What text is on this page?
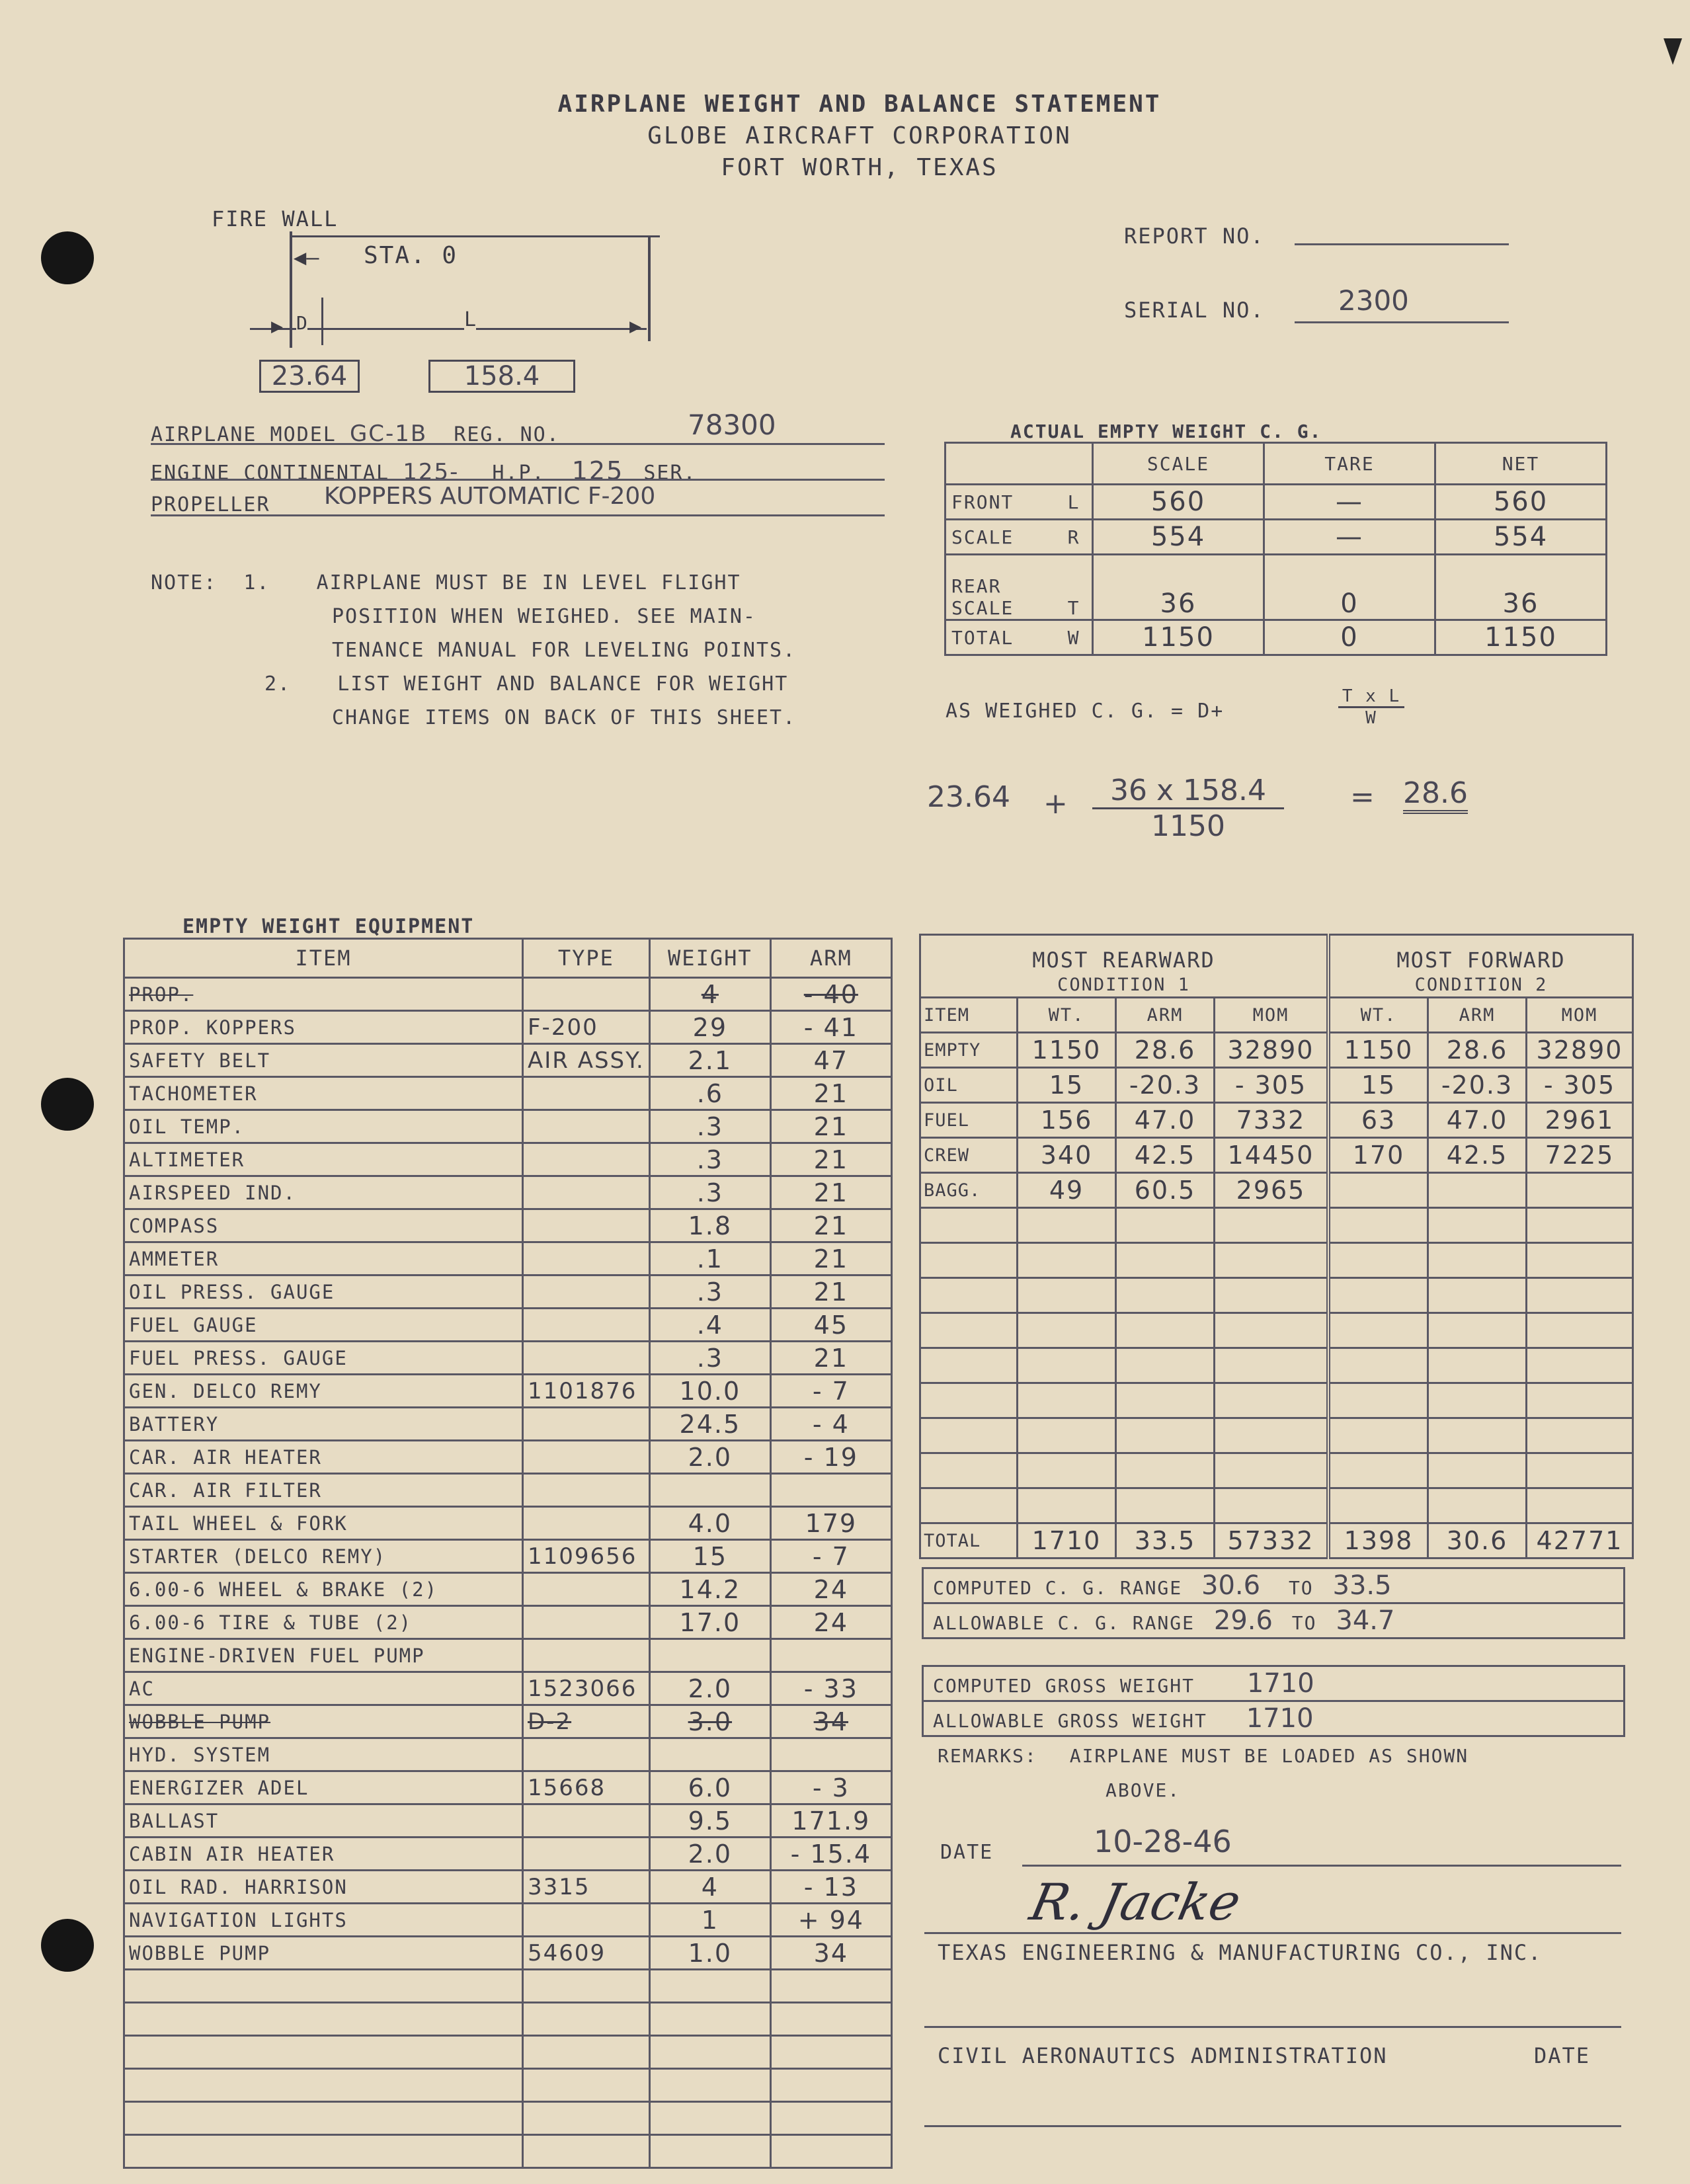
AIRPLANE WEIGHT AND BALANCE STATEMENT
GLOBE AIRCRAFT CORPORATION
FORT WORTH, TEXAS
FIRE WALL
◀— STA. 0
D	L
▶	▶
23.64	158.4
REPORT NO.
SERIAL NO.	2300
AIRPLANE MODEL GC-1B REG. NO.	78300
ENGINE CONTINENTAL 125- H.P. 125 SER.
PROPELLER KOPPERS AUTOMATIC F-200
NOTE: 1. AIRPLANE MUST BE IN LEVEL FLIGHT
POSITION WHEN WEIGHED. SEE MAIN-
TENANCE MANUAL FOR LEVELING POINTS.
2. LIST WEIGHT AND BALANCE FOR WEIGHT
CHANGE ITEMS ON BACK OF THIS SHEET.
ACTUAL EMPTY WEIGHT C. G.
		SCALE	TARE	NET
FRONT	L	560	—	560
SCALE	R	554	—	554

REAR
SCALE	T	36	0	36
TOTAL	W	1150	0	1150
AS WEIGHED C. G. = D+	$\frac{\text{T x L}}{W}$
$23.64 + \frac{36 x 158.4}{1150} = 28.6$
EMPTY WEIGHT EQUIPMENT
ITEM	TYPE	WEIGHT	ARM
PROP.		4	- 40
PROP. KOPPERS	F-200	29	- 41
SAFETY BELT	AIR ASSY.	2.1	47
TACHOMETER		.6	21
OIL TEMP.		.3	21
ALTIMETER		.3	21
AIRSPEED IND.		.3	21
COMPASS		1.8	21
AMMETER		.1	21
OIL PRESS. GAUGE		.3	21
FUEL GAUGE		.4	45
FUEL PRESS. GAUGE		.3	21
GEN. DELCO REMY	1101876	10.0	- 7
BATTERY		24.5	- 4
CAR. AIR HEATER		2.0	- 19
CAR. AIR FILTER			
TAIL WHEEL & FORK		4.0	179
STARTER (DELCO REMY)	1109656	15	- 7
6.00-6 WHEEL & BRAKE (2)		14.2	24
6.00-6 TIRE & TUBE (2)		17.0	24
ENGINE-DRIVEN FUEL PUMP			
AC	1523066	2.0	- 33
WOBBLE PUMP	D-2	3.0	34
HYD. SYSTEM			
ENERGIZER ADEL	15668	6.0	- 3
BALLAST		9.5	171.9
CABIN AIR HEATER		2.0	- 15.4
OIL RAD. HARRISON	3315	4	- 13
NAVIGATION LIGHTS		1	+ 94
WOBBLE PUMP	54609	1.0	34

MOST REARWARD				MOST FORWARD		
CONDITION 1				CONDITION 2		
ITEM	WT.	ARM	MOM	WT.	ARM	MOM
EMPTY	1150	28.6	32890	1150	28.6	32890
OIL	15	-20.3	- 305	15	-20.3	- 305
FUEL	156	47.0	7332	63	47.0	2961
CREW	340	42.5	14450	170	42.5	7225
BAGG.	49	60.5	2965			

TOTAL	1710	33.5	57332	1398	30.6	42771
COMPUTED C. G. RANGE 30.6 TO 33.5
ALLOWABLE C. G. RANGE 29.6 TO 34.7
COMPUTED GROSS WEIGHT 1710
ALLOWABLE GROSS WEIGHT 1710
REMARKS: AIRPLANE MUST BE LOADED AS SHOWN
ABOVE.
DATE	10-28-46
R. Jacke
TEXAS ENGINEERING & MANUFACTURING CO., INC.
CIVIL AERONAUTICS ADMINISTRATION	DATE
